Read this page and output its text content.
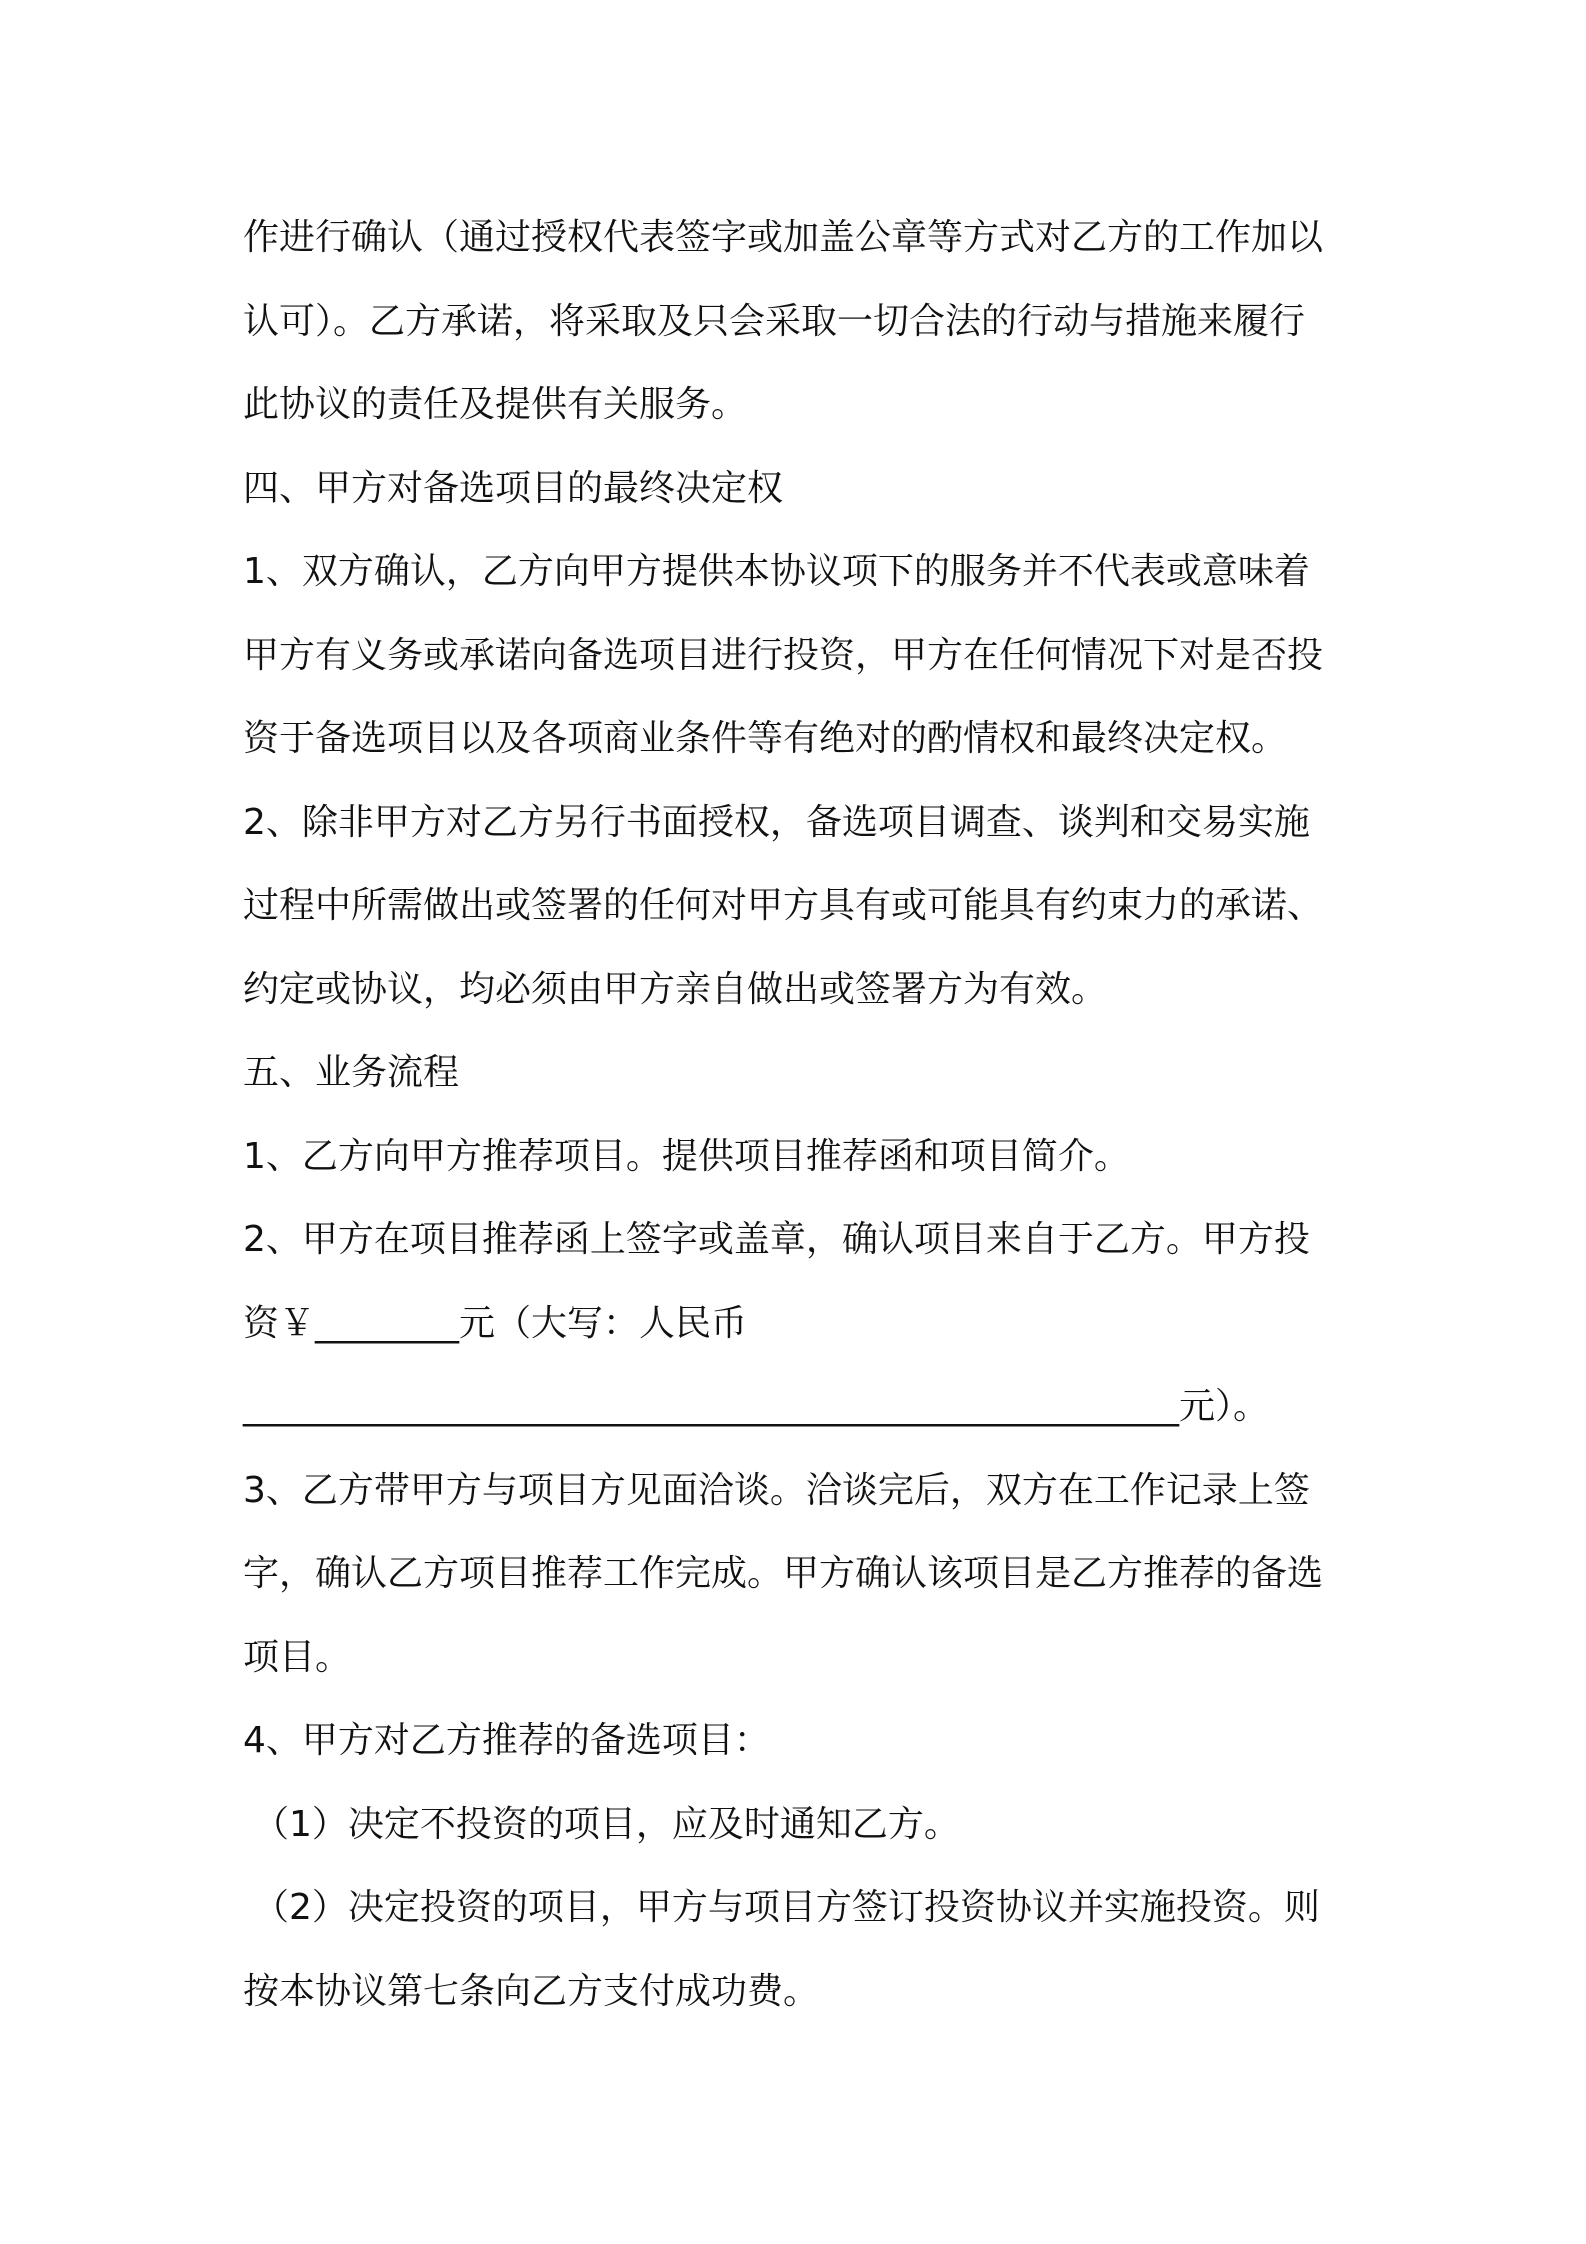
作进行确认（通过授权代表签字或加盖公章等方式对乙方的工作加以
认可）。乙方承诺，将采取及只会采取一切合法的行动与措施来履行
此协议的责任及提供有关服务。
四、甲方对备选项目的最终决定权
1、双方确认，乙方向甲方提供本协议项下的服务并不代表或意味着
甲方有义务或承诺向备选项目进行投资，甲方在任何情况下对是否投
资于备选项目以及各项商业条件等有绝对的酌情权和最终决定权。
2、除非甲方对乙方另行书面授权，备选项目调查、谈判和交易实施
过程中所需做出或签署的任何对甲方具有或可能具有约束力的承诺、
约定或协议，均必须由甲方亲自做出或签署方为有效。
五、业务流程
1、乙方向甲方推荐项目。提供项目推荐函和项目简介。
2、甲方在项目推荐函上签字或盖章，确认项目来自于乙方。甲方投
资￥________元（大写：人民币
____________________________________________________元）。
3、乙方带甲方与项目方见面洽谈。洽谈完后，双方在工作记录上签
字，确认乙方项目推荐工作完成。甲方确认该项目是乙方推荐的备选
项目。
4、甲方对乙方推荐的备选项目：
（1）决定不投资的项目，应及时通知乙方。
（2）决定投资的项目，甲方与项目方签订投资协议并实施投资。则
按本协议第七条向乙方支付成功费。
